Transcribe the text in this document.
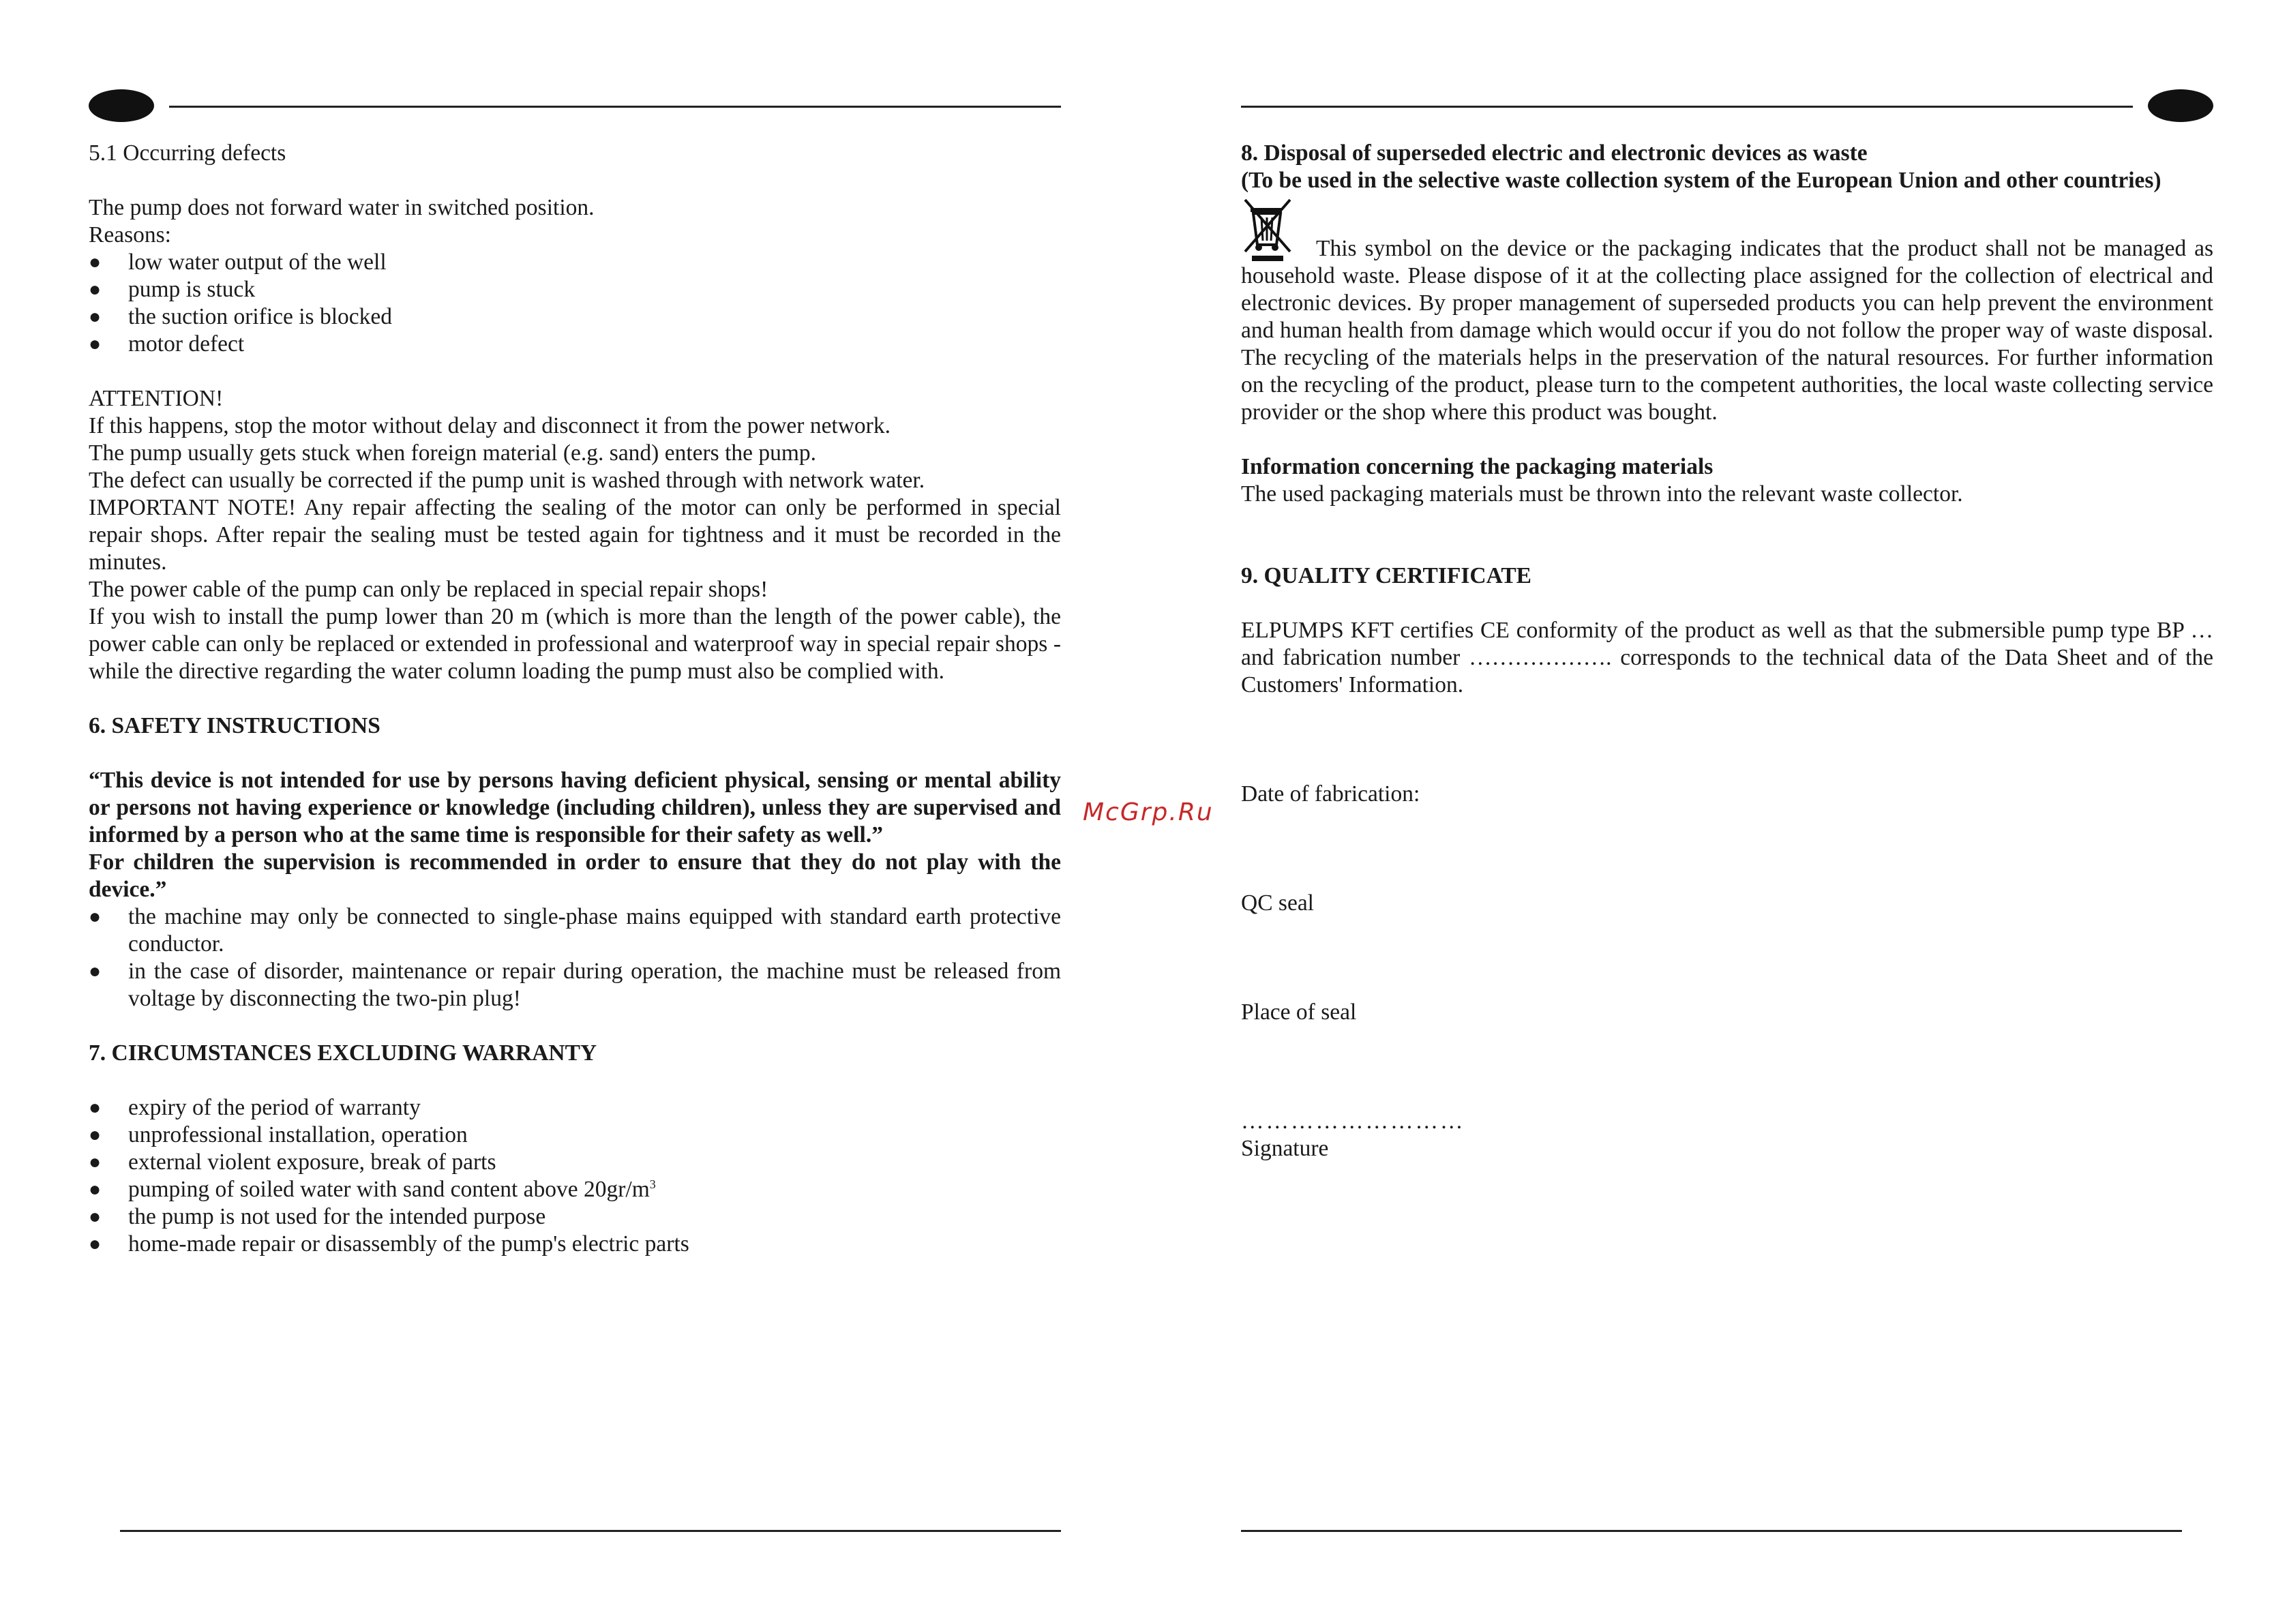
McGrp.Ru

5.1 Occurring defects

The pump does not forward water in switched position.

Reasons:

●	low water output of the well
●	pump is stuck
●	the suction orifice is blocked
●	motor defect

ATTENTION!

If this happens, stop the motor without delay and disconnect it from the power network.

The pump usually gets stuck when foreign material (e.g. sand) enters the pump.

The defect can usually be corrected if the pump unit is washed through with network water.

IMPORTANT NOTE! Any repair affecting the sealing of the motor can only be performed in special repair shops. After repair the sealing must be tested again for tightness and it must be recorded in the minutes.

The power cable of the pump can only be replaced in special repair shops!

If you wish to install the pump lower than 20 m (which is more than the length of the power cable), the power cable can only be replaced or extended in professional and waterproof way in special repair shops - while the directive regarding the water column loading the pump must also be complied with.

6. SAFETY INSTRUCTIONS

“This device is not intended for use by persons having deficient physical, sensing or mental ability or persons not having experience or knowledge (including children), unless they are supervised and informed by a person who at the same time is responsible for their safety as well.”

For children the supervision is recommended in order to ensure that they do not play with the device.”

●	the machine may only be connected to single-phase mains equipped with standard earth protective conductor.
●	in the case of disorder, maintenance or repair during operation, the machine must be released from voltage by disconnecting the two-pin plug!

7. CIRCUMSTANCES EXCLUDING WARRANTY

●	expiry of the period of warranty
●	unprofessional installation, operation
●	external violent exposure, break of parts
●	pumping of soiled water with sand content above $20gr/m^3$
●	the pump is not used for the intended purpose
●	home-made repair or disassembly of the pump's electric parts

8. Disposal of superseded electric and electronic devices as waste

(To be used in the selective waste collection system of the European Union and other countries)

This symbol on the device or the packaging indicates that the product shall not be managed as household waste. Please dispose of it at the collecting place assigned for the collection of electrical and electronic devices. By proper management of superseded products you can help prevent the environment and human health from damage which would occur if you do not follow the proper way of waste disposal. The recycling of the materials helps in the preservation of the natural resources. For further information on the recycling of the product, please turn to the competent authorities, the local waste collecting service provider or the shop where this product was bought.

Information concerning the packaging materials

The used packaging materials must be thrown into the relevant waste collector.

9. QUALITY CERTIFICATE

ELPUMPS KFT certifies CE conformity of the product as well as that the submersible pump type BP … and fabrication number ………………. corresponds to the technical data of the Data Sheet and of the Customers' Information.

Date of fabrication:

QC seal

Place of seal

………………………

Signature
